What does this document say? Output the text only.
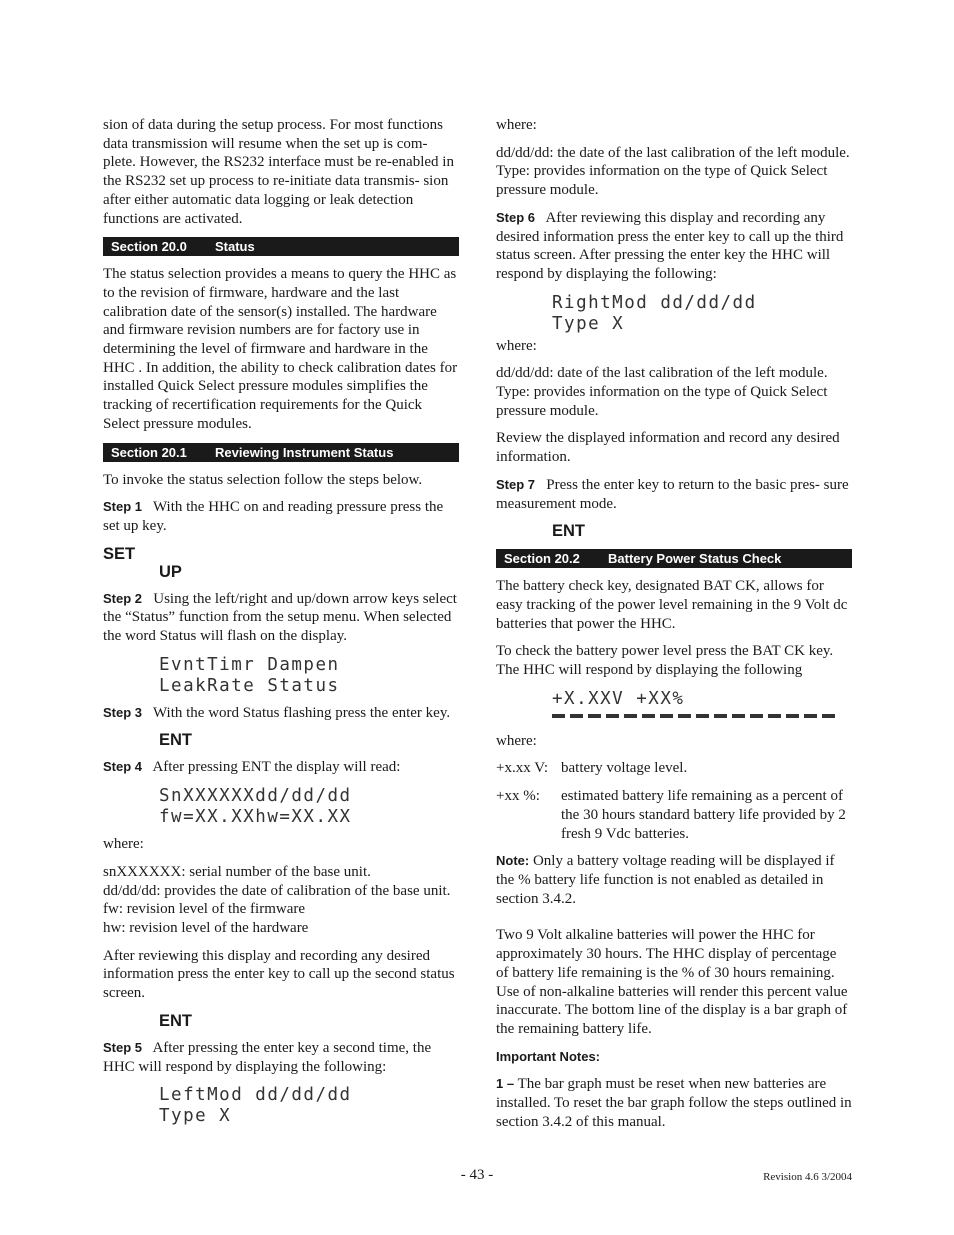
sion of data during the setup process. For most functions data transmission will resume when the set up is com- plete. However, the RS232 interface must be re-enabled in the RS232 set up process to re-initiate data transmis- sion after either automatic data logging or leak detection functions are activated.

Section 20.0 Status

The status selection provides a means to query the HHC as to the revision of firmware, hardware and the last calibration date of the sensor(s) installed. The hardware and firmware revision numbers are for factory use in determining the level of firmware and hardware in the HHC . In addition, the ability to check calibration dates for installed Quick Select pressure modules simplifies the tracking of recertification requirements for the Quick Select pressure modules.

Section 20.1 Reviewing Instrument Status

To invoke the status selection follow the steps below.

Step 1 With the HHC on and reading pressure press the set up key.

SET
UP

Step 2 Using the left/right and up/down arrow keys select the “Status” function from the setup menu. When selected the word Status will flash on the display.

EvntTimr Dampen
LeakRate Status

Step 3 With the word Status flashing press the enter key.

ENT

Step 4 After pressing ENT the display will read:

SnXXXXXXdd/dd/dd
fw=XX.XXhw=XX.XX

where:

snXXXXXX: serial number of the base unit.
dd/dd/dd: provides the date of calibration of the base unit.
fw: revision level of the firmware
hw: revision level of the hardware

After reviewing this display and recording any desired information press the enter key to call up the second status screen.

ENT

Step 5 After pressing the enter key a second time, the HHC will respond by displaying the following:

LeftMod dd/dd/dd
Type X

where:

dd/dd/dd: the date of the last calibration of the left module.
Type: provides information on the type of Quick Select pressure module.

Step 6 After reviewing this display and recording any desired information press the enter key to call up the third status screen. After pressing the enter key the HHC will respond by displaying the following:

RightMod dd/dd/dd
Type X

where:

dd/dd/dd: date of the last calibration of the left module.
Type: provides information on the type of Quick Select pressure module.

Review the displayed information and record any desired information.

Step 7 Press the enter key to return to the basic pres- sure measurement mode.

ENT
Section 20.2 Battery Power Status Check

The battery check key, designated BAT CK, allows for easy tracking of the power level remaining in the 9 Volt dc batteries that power the HHC.

To check the battery power level press the BAT CK key. The HHC will respond by displaying the following

+X.XXV +XX%

where:

+x.xx V: battery voltage level.
+xx %:	estimated battery life remaining as a percent of the 30 hours standard battery life provided by 2 fresh 9 Vdc batteries.

Note: Only a battery voltage reading will be displayed if the % battery life function is not enabled as detailed in section 3.4.2.

Two 9 Volt alkaline batteries will power the HHC for approximately 30 hours. The HHC display of percentage of battery life remaining is the % of 30 hours remaining. Use of non-alkaline batteries will render this percent value inaccurate. The bottom line of the display is a bar graph of the remaining battery life.

Important Notes:

1 – The bar graph must be reset when new batteries are installed. To reset the bar graph follow the steps outlined in section 3.4.2 of this manual.

- 43 -	Revision 4.6 3/2004
